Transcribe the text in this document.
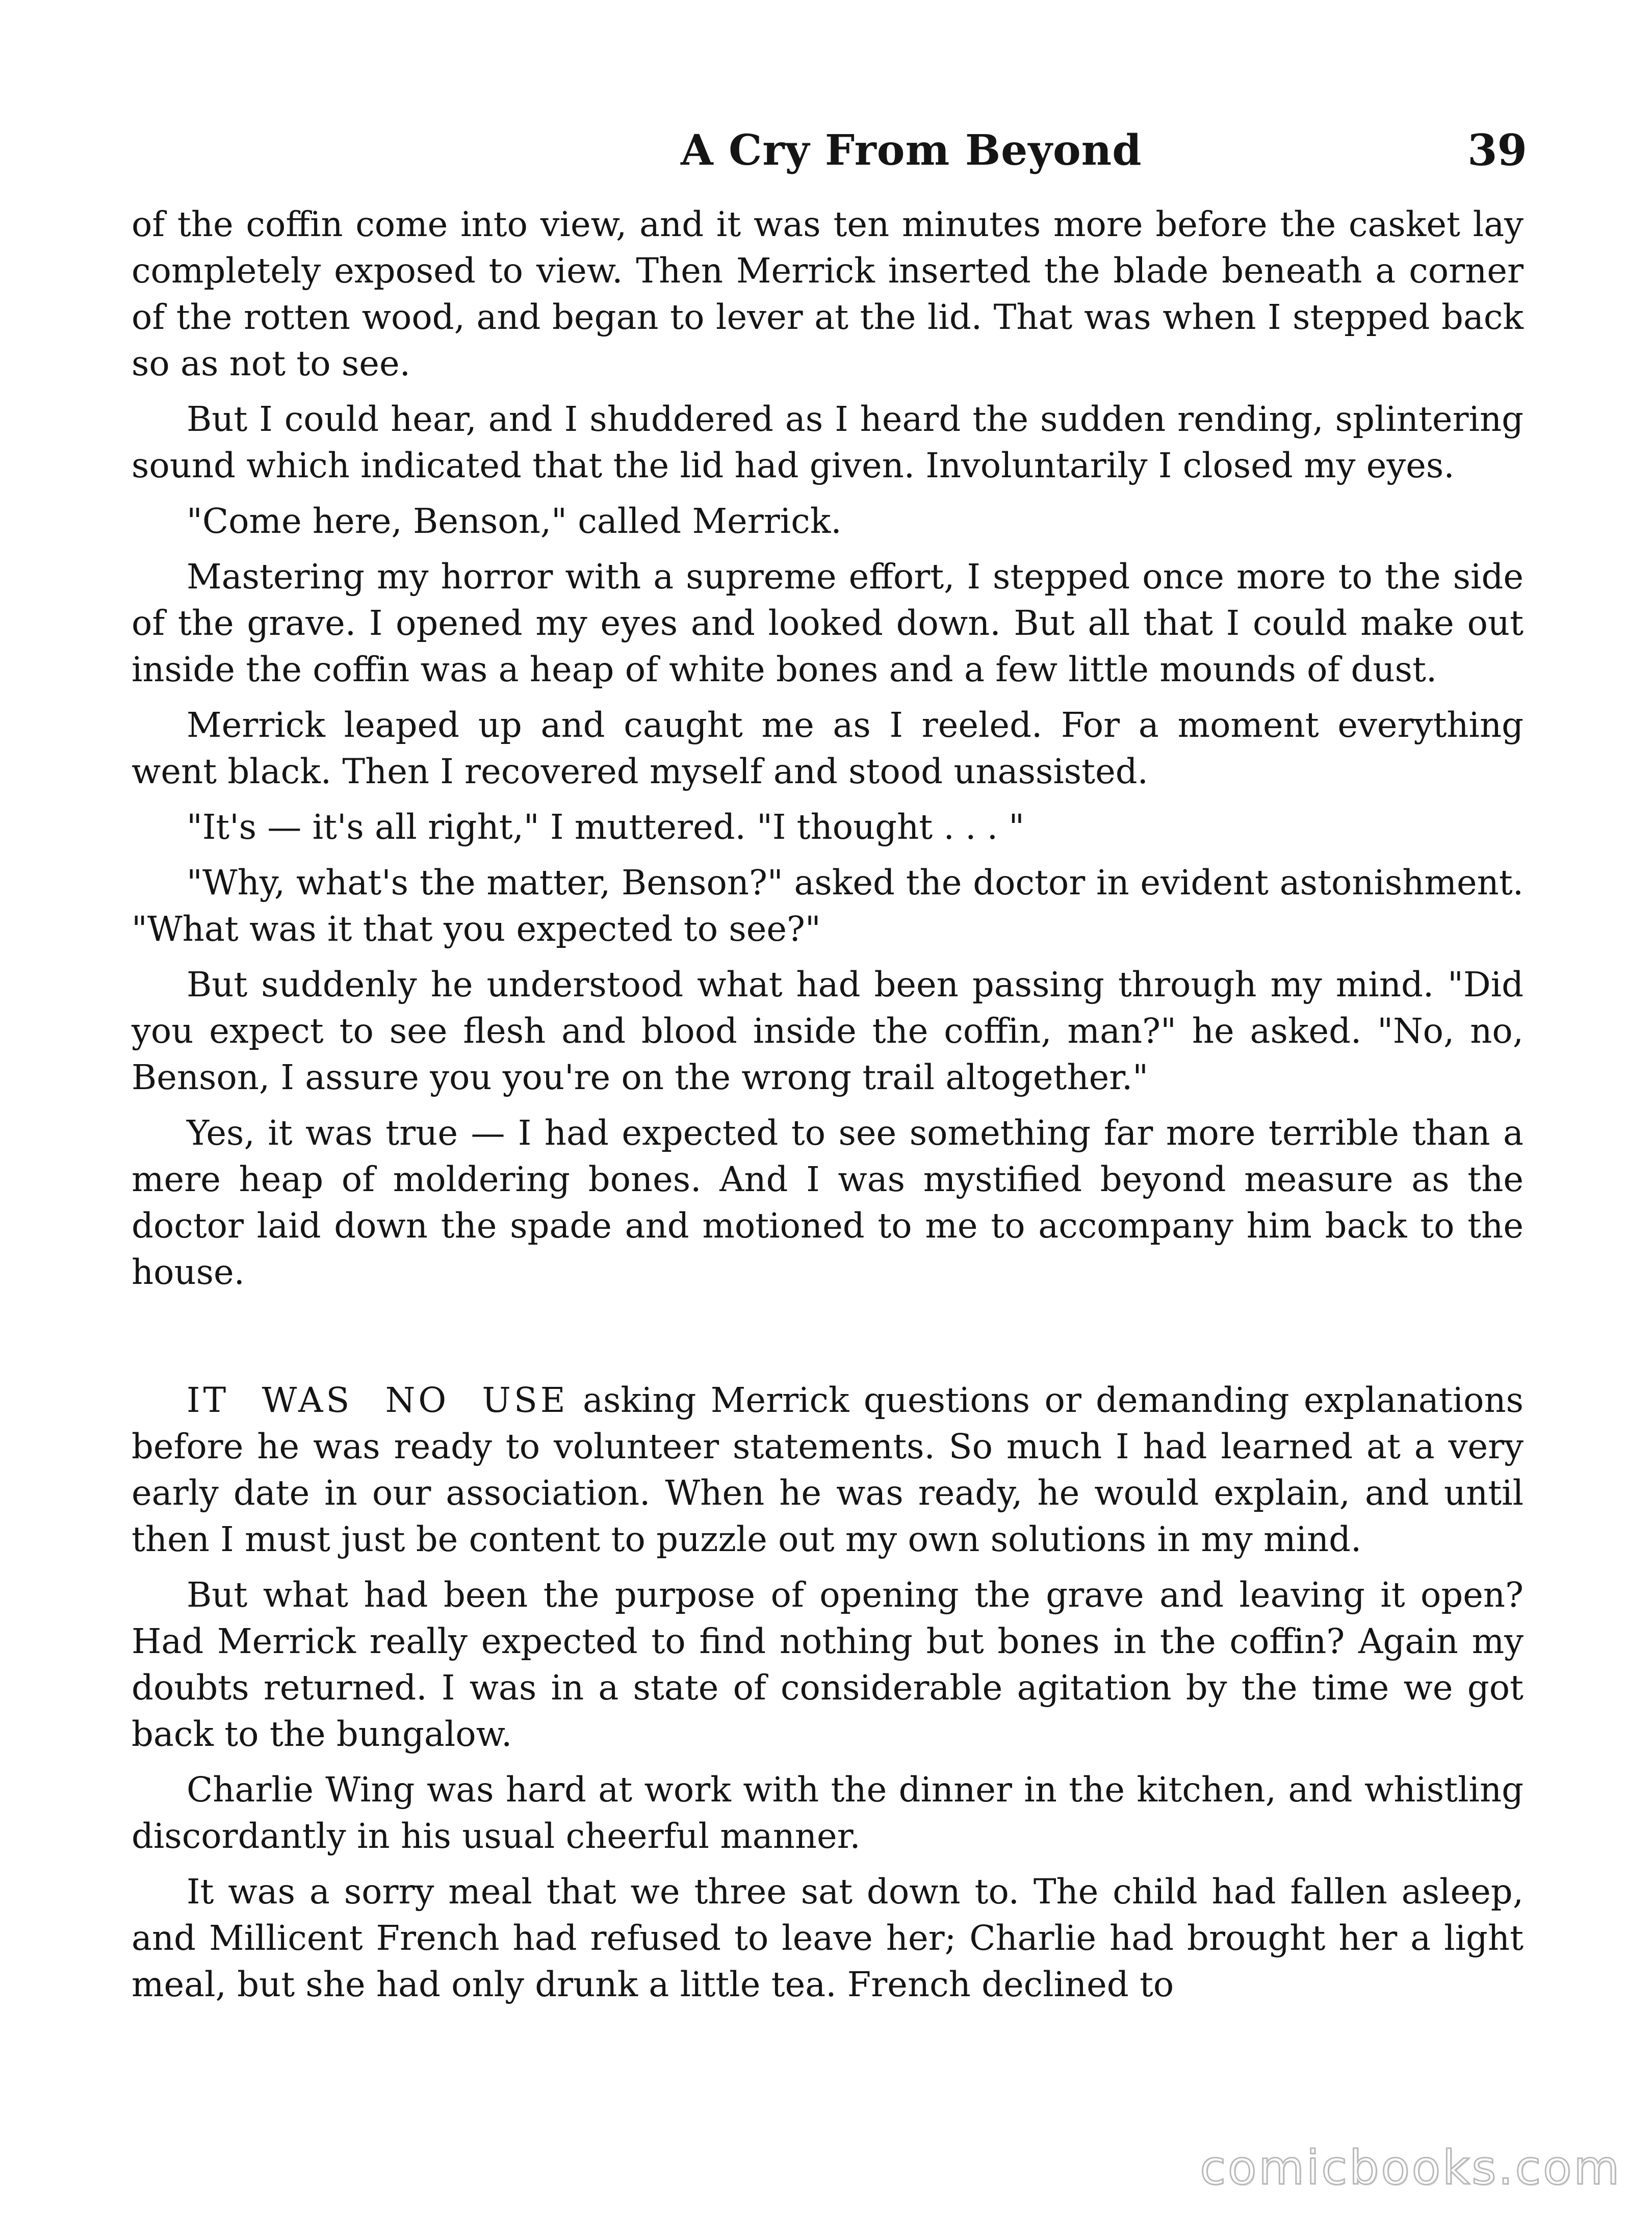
A Cry From Beyond	39

of the coffin come into view, and it was ten minutes more before the casket lay completely exposed to view. Then Merrick inserted the blade beneath a corner of the rotten wood, and began to lever at the lid. That was when I stepped back so as not to see.

But I could hear, and I shuddered as I heard the sudden rending, splintering sound which indicated that the lid had given. Involuntarily I closed my eyes.

"Come here, Benson," called Merrick.

Mastering my horror with a supreme effort, I stepped once more to the side of the grave. I opened my eyes and looked down. But all that I could make out inside the coffin was a heap of white bones and a few little mounds of dust.

Merrick leaped up and caught me as I reeled. For a moment everything went black. Then I recovered myself and stood unassisted.

"It's — it's all right," I muttered. "I thought . . . "

"Why, what's the matter, Benson?" asked the doctor in evident astonishment. "What was it that you expected to see?"

But suddenly he understood what had been passing through my mind. "Did you expect to see flesh and blood inside the coffin, man?" he asked. "No, no, Benson, I assure you you're on the wrong trail altogether."

Yes, it was true — I had expected to see something far more terrible than a mere heap of moldering bones. And I was mystified beyond measure as the doctor laid down the spade and motioned to me to accompany him back to the house.

IT WAS NO USE asking Merrick questions or demanding explanations before he was ready to volunteer statements. So much I had learned at a very early date in our association. When he was ready, he would explain, and until then I must just be content to puzzle out my own solutions in my mind.

But what had been the purpose of opening the grave and leaving it open? Had Merrick really expected to find nothing but bones in the coffin? Again my doubts returned. I was in a state of considerable agitation by the time we got back to the bungalow.

Charlie Wing was hard at work with the dinner in the kitchen, and whistling discordantly in his usual cheerful manner.

It was a sorry meal that we three sat down to. The child had fallen asleep, and Millicent French had refused to leave her; Charlie had brought her a light meal, but she had only drunk a little tea. French declined to

comicbooks.com
